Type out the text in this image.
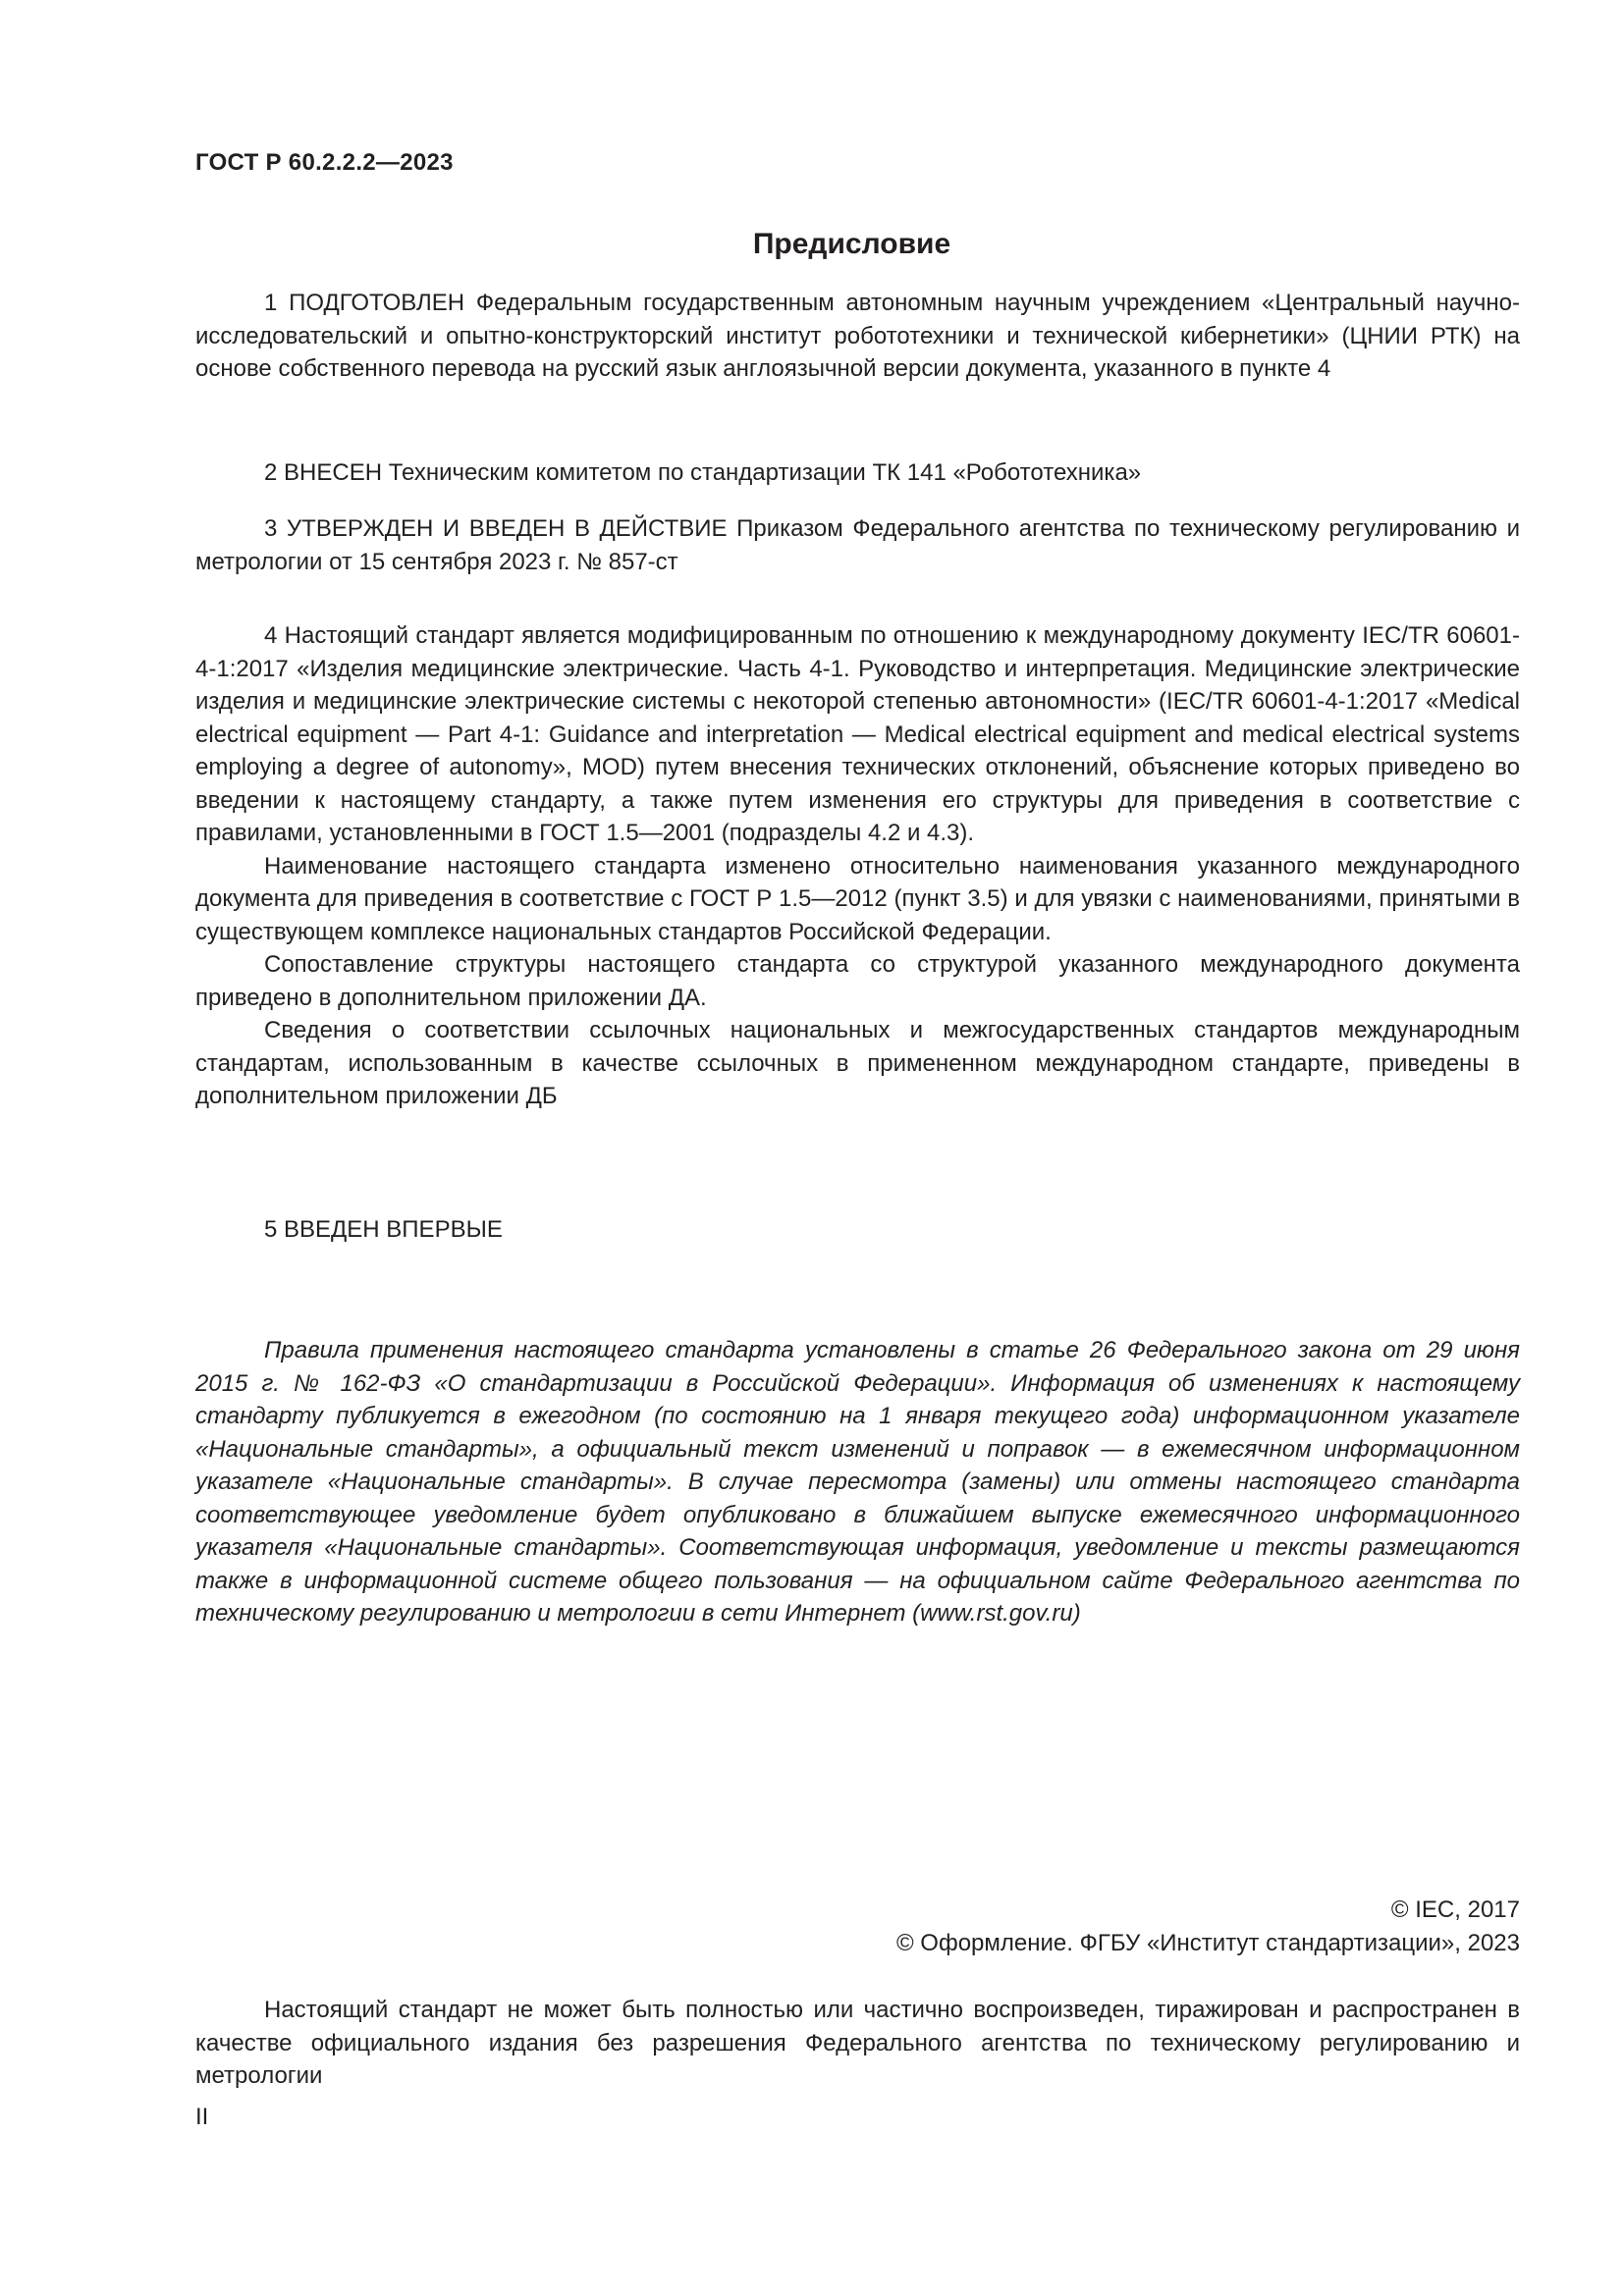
ГОСТ Р 60.2.2.2—2023
Предисловие

1 ПОДГОТОВЛЕН Федеральным государственным автономным научным учреждением «Центральный научно-исследовательский и опытно-конструкторский институт робототехники и технической кибернетики» (ЦНИИ РТК) на основе собственного перевода на русский язык англоязычной версии документа, указанного в пункте 4

2 ВНЕСЕН Техническим комитетом по стандартизации ТК 141 «Робототехника»

3 УТВЕРЖДЕН И ВВЕДЕН В ДЕЙСТВИЕ Приказом Федерального агентства по техническому регулированию и метрологии от 15 сентября 2023 г. № 857-ст

4 Настоящий стандарт является модифицированным по отношению к международному документу IEC/TR 60601-4-1:2017 «Изделия медицинские электрические. Часть 4-1. Руководство и интерпретация. Медицинские электрические изделия и медицинские электрические системы с некоторой степенью автономности» (IEC/TR 60601-4-1:2017 «Medical electrical equipment — Part 4-1: Guidance and interpretation — Medical electrical equipment and medical electrical systems employing a degree of autonomy», MOD) путем внесения технических отклонений, объяснение которых приведено во введении к настоящему стандарту, а также путем изменения его структуры для приведения в соответствие с правилами, установленными в ГОСТ 1.5—2001 (подразделы 4.2 и 4.3).

Наименование настоящего стандарта изменено относительно наименования указанного международного документа для приведения в соответствие с ГОСТ Р 1.5—2012 (пункт 3.5) и для увязки с наименованиями, принятыми в существующем комплексе национальных стандартов Российской Федерации.

Сопоставление структуры настоящего стандарта со структурой указанного международного документа приведено в дополнительном приложении ДА.

Сведения о соответствии ссылочных национальных и межгосударственных стандартов международным стандартам, использованным в качестве ссылочных в примененном международном стандарте, приведены в дополнительном приложении ДБ

5 ВВЕДЕН ВПЕРВЫЕ

Правила применения настоящего стандарта установлены в статье 26 Федерального закона от 29 июня 2015 г. № 162-ФЗ «О стандартизации в Российской Федерации». Информация об изменениях к настоящему стандарту публикуется в ежегодном (по состоянию на 1 января текущего года) информационном указателе «Национальные стандарты», а официальный текст изменений и поправок — в ежемесячном информационном указателе «Национальные стандарты». В случае пересмотра (замены) или отмены настоящего стандарта соответствующее уведомление будет опубликовано в ближайшем выпуске ежемесячного информационного указателя «Национальные стандарты». Соответствующая информация, уведомление и тексты размещаются также в информационной системе общего пользования — на официальном сайте Федерального агентства по техническому регулированию и метрологии в сети Интернет (www.rst.gov.ru)

© IEC, 2017
© Оформление. ФГБУ «Институт стандартизации», 2023

Настоящий стандарт не может быть полностью или частично воспроизведен, тиражирован и распространен в качестве официального издания без разрешения Федерального агентства по техническому регулированию и метрологии

II
